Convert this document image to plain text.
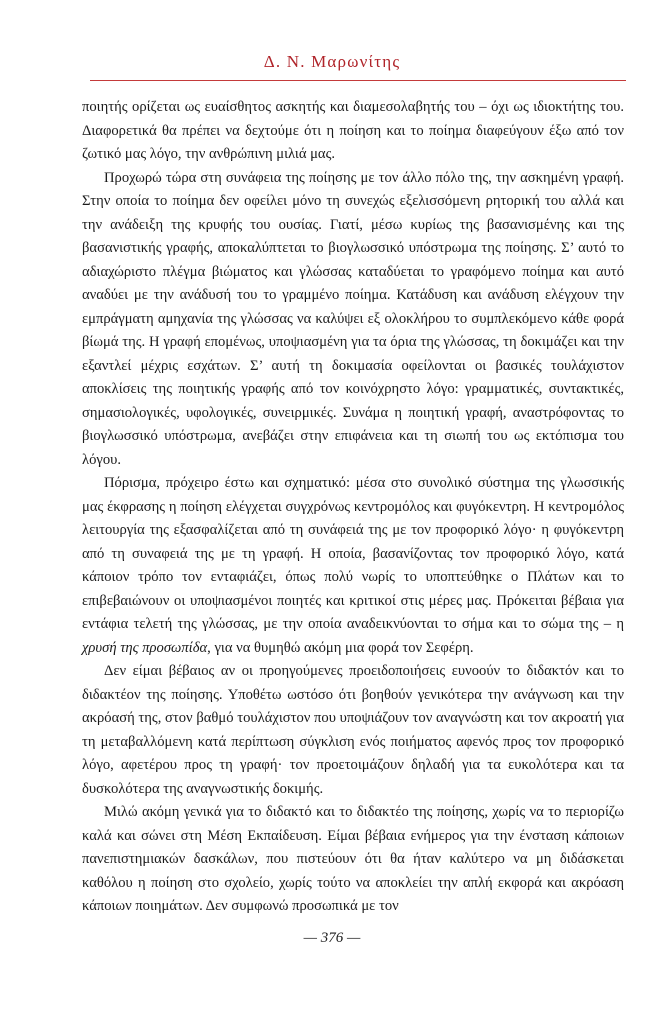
Δ. Ν. Μαρωνίτης

ποιητής ορίζεται ως ευαίσθητος ασκητής και διαμεσολαβητής του – όχι ως ιδιοκτήτης του. Διαφορετικά θα πρέπει να δεχτούμε ότι η ποίηση και το ποίημα διαφεύγουν έξω από τον ζωτικό μας λόγο, την ανθρώπινη μιλιά μας.

Προχωρώ τώρα στη συνάφεια της ποίησης με τον άλλο πόλο της, την ασκημένη γραφή. Στην οποία το ποίημα δεν οφείλει μόνο τη συνεχώς εξελισσόμενη ρητορική του αλλά και την ανάδειξη της κρυφής του ουσίας. Γιατί, μέσω κυρίως της βασανισμένης και της βασανιστικής γραφής, αποκαλύπτεται το βιογλωσσικό υπόστρωμα της ποίησης. Σ’ αυτό το αδιαχώριστο πλέγμα βιώματος και γλώσσας καταδύεται το γραφόμενο ποίημα και αυτό αναδύει με την ανάδυσή του το γραμμένο ποίημα. Κατάδυση και ανάδυση ελέγχουν την εμπράγματη αμηχανία της γλώσσας να καλύψει εξ ολοκλήρου το συμπλεκόμενο κάθε φορά βίωμά της. Η γραφή επομένως, υποψιασμένη για τα όρια της γλώσσας, τη δοκιμάζει και την εξαντλεί μέχρις εσχάτων. Σ’ αυτή τη δοκιμασία οφείλονται οι βασικές τουλάχιστον αποκλίσεις της ποιητικής γραφής από τον κοινόχρηστο λόγο: γραμματικές, συντακτικές, σημασιολογικές, υφολογικές, συνειρμικές. Συνάμα η ποιητική γραφή, αναστρόφοντας το βιογλωσσικό υπόστρωμα, ανεβάζει στην επιφάνεια και τη σιωπή του ως εκτόπισμα του λόγου.

Πόρισμα, πρόχειρο έστω και σχηματικό: μέσα στο συνολικό σύστημα της γλωσσικής μας έκφρασης η ποίηση ελέγχεται συγχρόνως κεντρομόλος και φυγόκεντρη. Η κεντρομόλος λειτουργία της εξασφαλίζεται από τη συνάφειά της με τον προφορικό λόγο· η φυγόκεντρη από τη συναφειά της με τη γραφή. Η οποία, βασανίζοντας τον προφορικό λόγο, κατά κάποιον τρόπο τον ενταφιάζει, όπως πολύ νωρίς το υποπτεύθηκε ο Πλάτων και το επιβεβαιώνουν οι υποψιασμένοι ποιητές και κριτικοί στις μέρες μας. Πρόκειται βέβαια για εντάφια τελετή της γλώσσας, με την οποία αναδεικνύονται το σήμα και το σώμα της – η χρυσή της προσωπίδα, για να θυμηθώ ακόμη μια φορά τον Σεφέρη.

Δεν είμαι βέβαιος αν οι προηγούμενες προειδοποιήσεις ευνοούν το διδακτόν και το διδακτέον της ποίησης. Υποθέτω ωστόσο ότι βοηθούν γενικότερα την ανάγνωση και την ακρόασή της, στον βαθμό τουλάχιστον που υποψιάζουν τον αναγνώστη και τον ακροατή για τη μεταβαλλόμενη κατά περίπτωση σύγκλιση ενός ποιήματος αφενός προς τον προφορικό λόγο, αφετέρου προς τη γραφή· τον προετοιμάζουν δηλαδή για τα ευκολότερα και τα δυσκολότερα της αναγνωστικής δοκιμής.

Μιλώ ακόμη γενικά για το διδακτό και το διδακτέο της ποίησης, χωρίς να το περιορίζω καλά και σώνει στη Μέση Εκπαίδευση. Είμαι βέβαια ενήμερος για την ένσταση κάποιων πανεπιστημιακών δασκάλων, που πιστεύουν ότι θα ήταν καλύτερο να μη διδάσκεται καθόλου η ποίηση στο σχολείο, χωρίς τούτο να αποκλείει την απλή εκφορά και ακρόαση κάποιων ποιημάτων. Δεν συμφωνώ προσωπικά με τον

— 376 —
